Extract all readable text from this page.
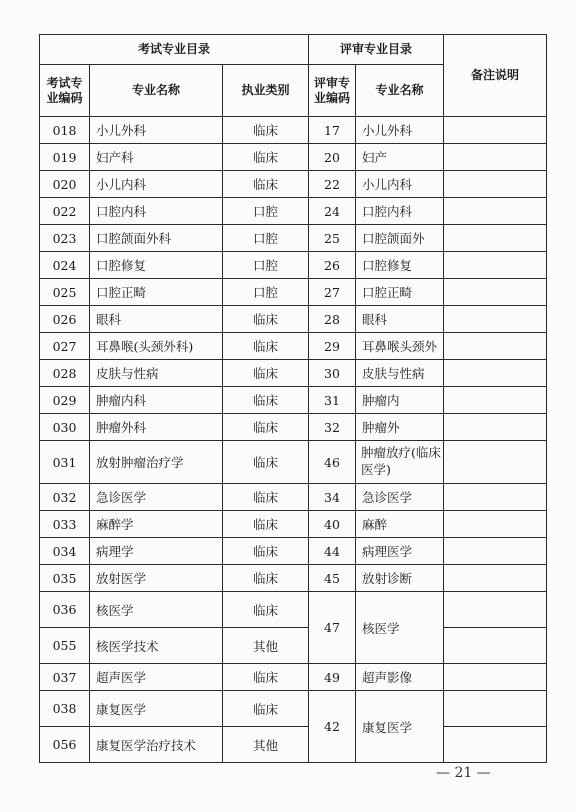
考试专业目录			评审专业目录		备注说明
考试专业编码	专业名称	执业类别	评审专业编码	专业名称	
018	小儿外科	临床	17	小儿外科	
019	妇产科	临床	20	妇产	
020	小儿内科	临床	22	小儿内科	
022	口腔内科	口腔	24	口腔内科	
023	口腔颌面外科	口腔	25	口腔颌面外	
024	口腔修复	口腔	26	口腔修复	
025	口腔正畸	口腔	27	口腔正畸	
026	眼科	临床	28	眼科	
027	耳鼻喉(头颈外科)	临床	29	耳鼻喉头颈外	
028	皮肤与性病	临床	30	皮肤与性病	
029	肿瘤内科	临床	31	肿瘤内	
030	肿瘤外科	临床	32	肿瘤外	
031	放射肿瘤治疗学	临床	46	肿瘤放疗(临床医学)	
032	急诊医学	临床	34	急诊医学	
033	麻醉学	临床	40	麻醉	
034	病理学	临床	44	病理医学	
035	放射医学	临床	45	放射诊断	
036	核医学	临床	47	核医学	
055	核医学技术	其他			
037	超声医学	临床	49	超声影像	
038	康复医学	临床	42	康复医学	
056	康复医学治疗技术	其他			
— 21 —
